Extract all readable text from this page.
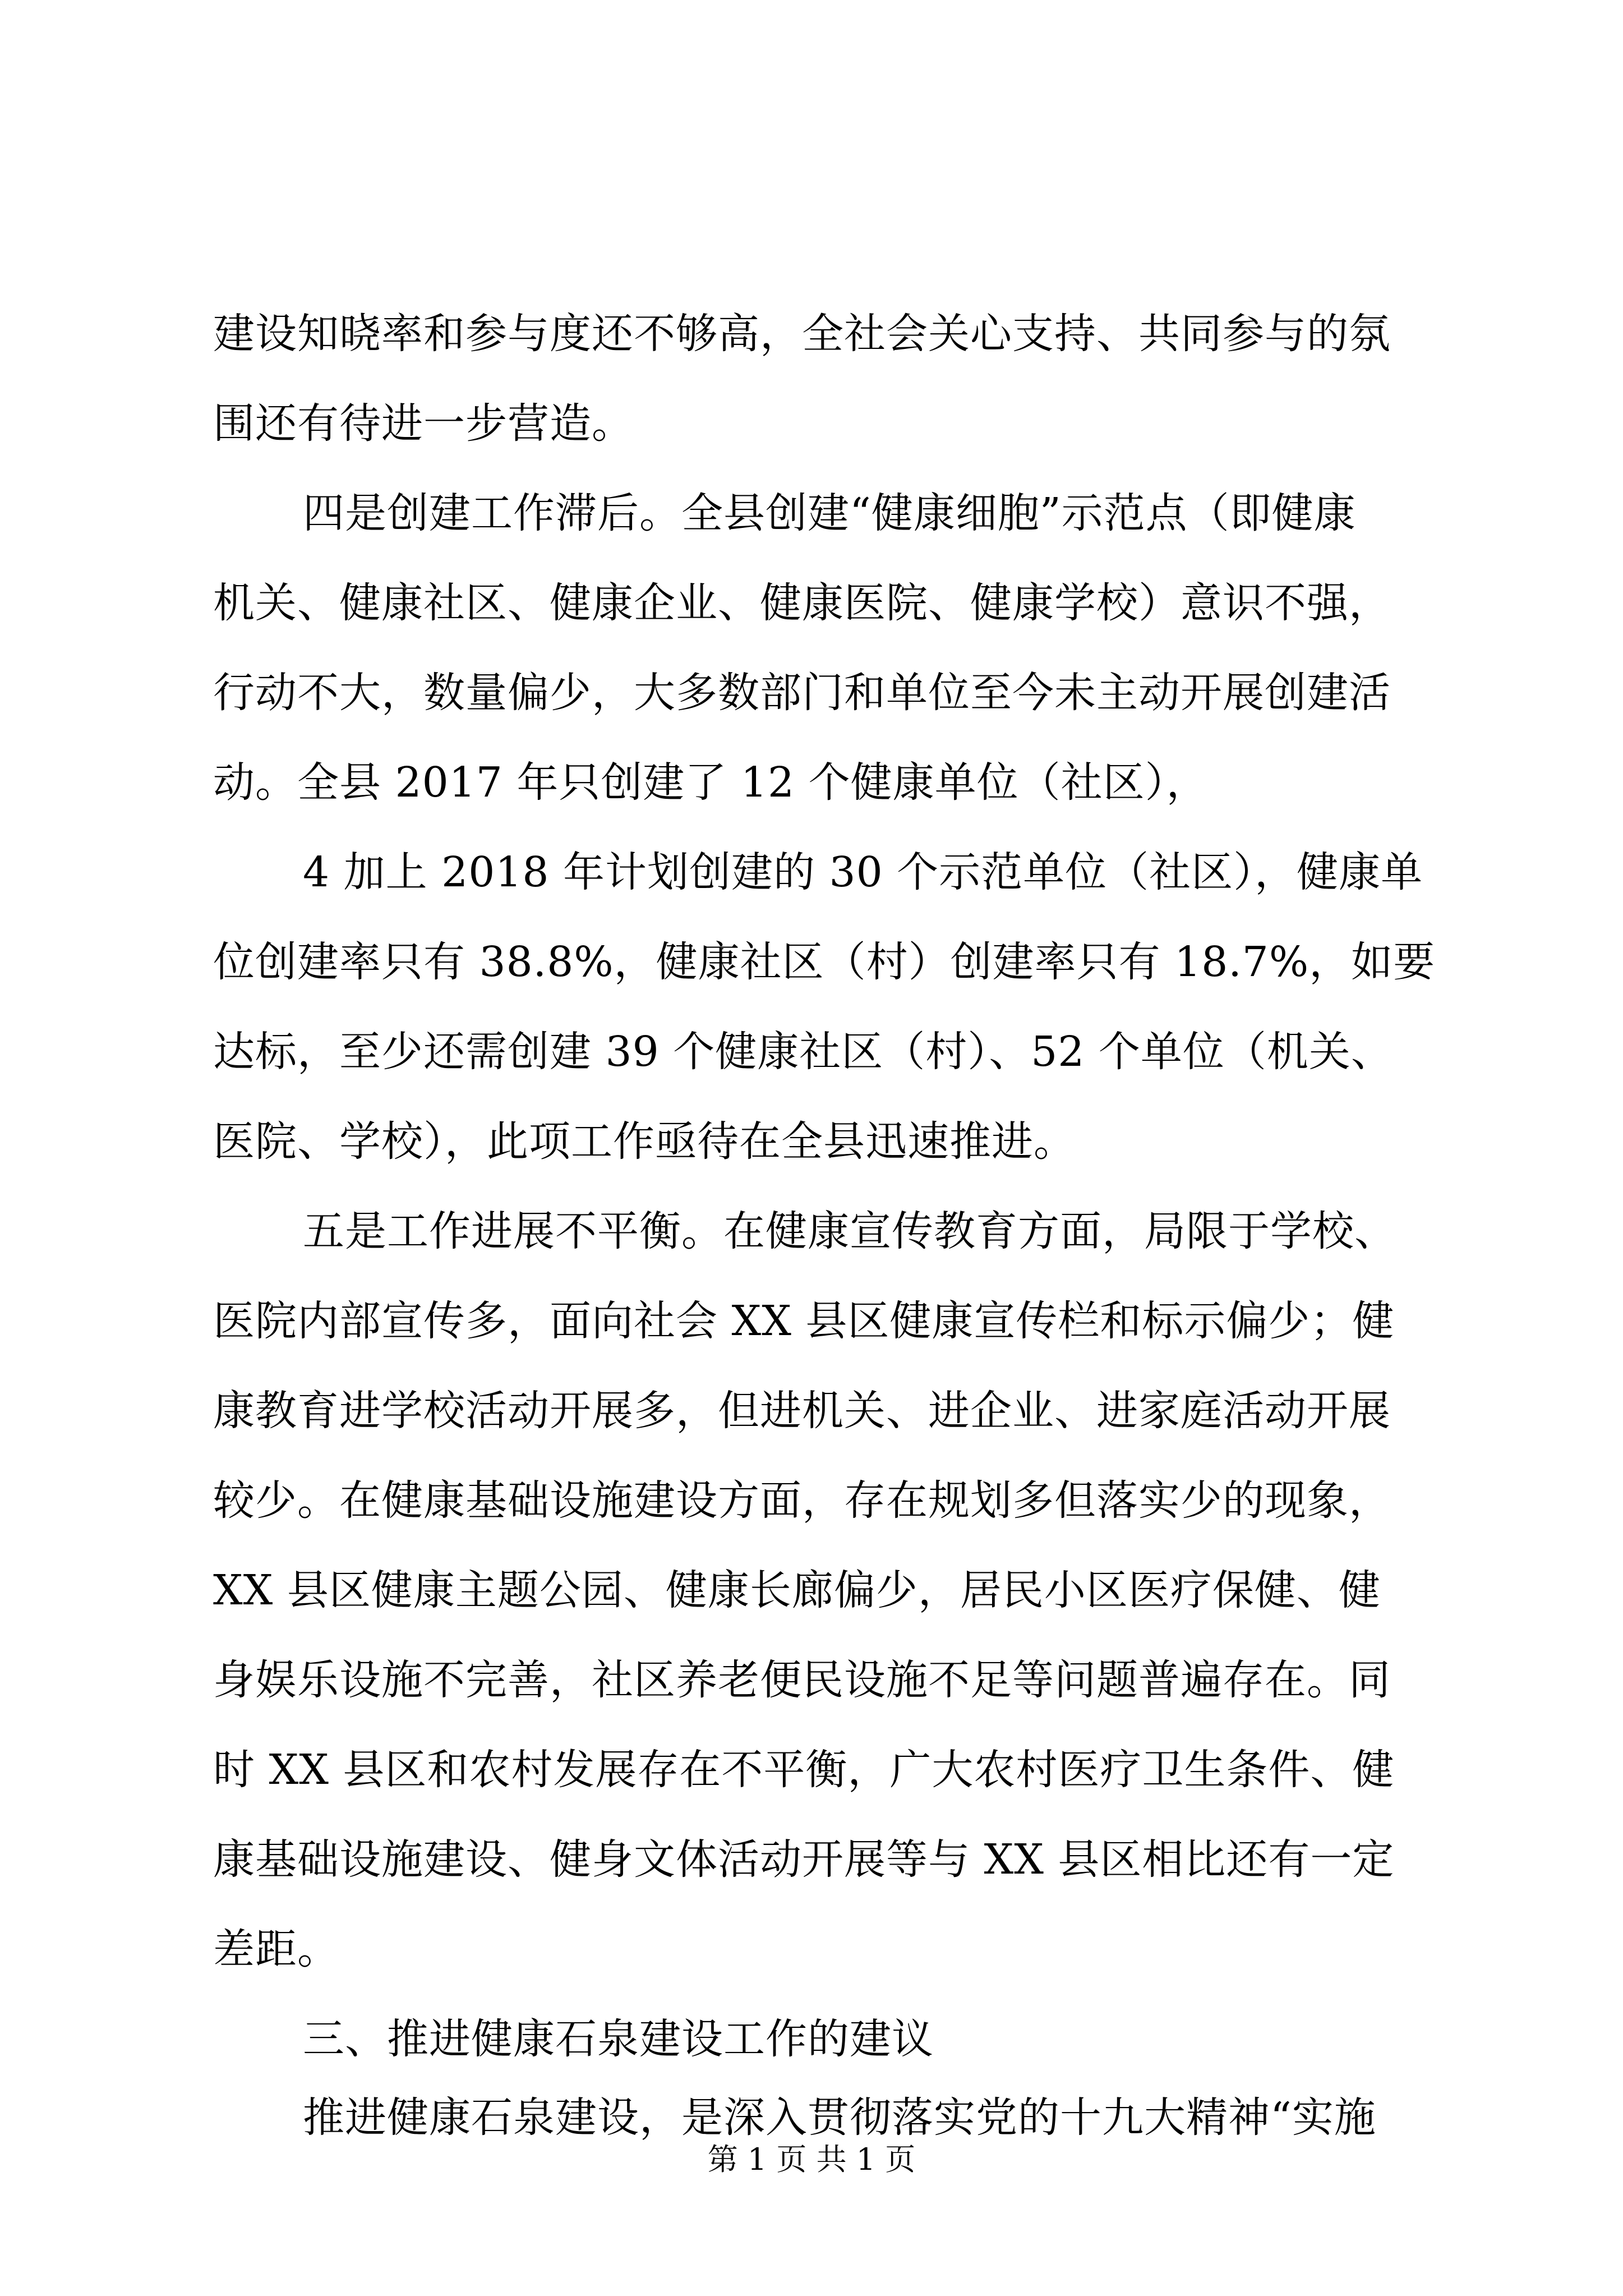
建设知晓率和参与度还不够高，全社会关心支持、共同参与的氛
围还有待进一步营造。
四是创建工作滞后。全县创建“健康细胞”示范点（即健康
机关、健康社区、健康企业、健康医院、健康学校）意识不强，
行动不大，数量偏少，大多数部门和单位至今未主动开展创建活
动。全县 2017 年只创建了 12 个健康单位（社区），
4 加上 2018 年计划创建的 30 个示范单位（社区），健康单
位创建率只有 38.8%，健康社区（村）创建率只有 18.7%，如要
达标，至少还需创建 39 个健康社区（村）、52 个单位（机关、
医院、学校），此项工作亟待在全县迅速推进。
五是工作进展不平衡。在健康宣传教育方面，局限于学校、
医院内部宣传多，面向社会 XX 县区健康宣传栏和标示偏少；健
康教育进学校活动开展多，但进机关、进企业、进家庭活动开展
较少。在健康基础设施建设方面，存在规划多但落实少的现象，
XX 县区健康主题公园、健康长廊偏少，居民小区医疗保健、健
身娱乐设施不完善，社区养老便民设施不足等问题普遍存在。同
时 XX 县区和农村发展存在不平衡，广大农村医疗卫生条件、健
康基础设施建设、健身文体活动开展等与 XX 县区相比还有一定
差距。
三、推进健康石泉建设工作的建议
推进健康石泉建设，是深入贯彻落实党的十九大精神“实施
第 1 页 共 1 页
